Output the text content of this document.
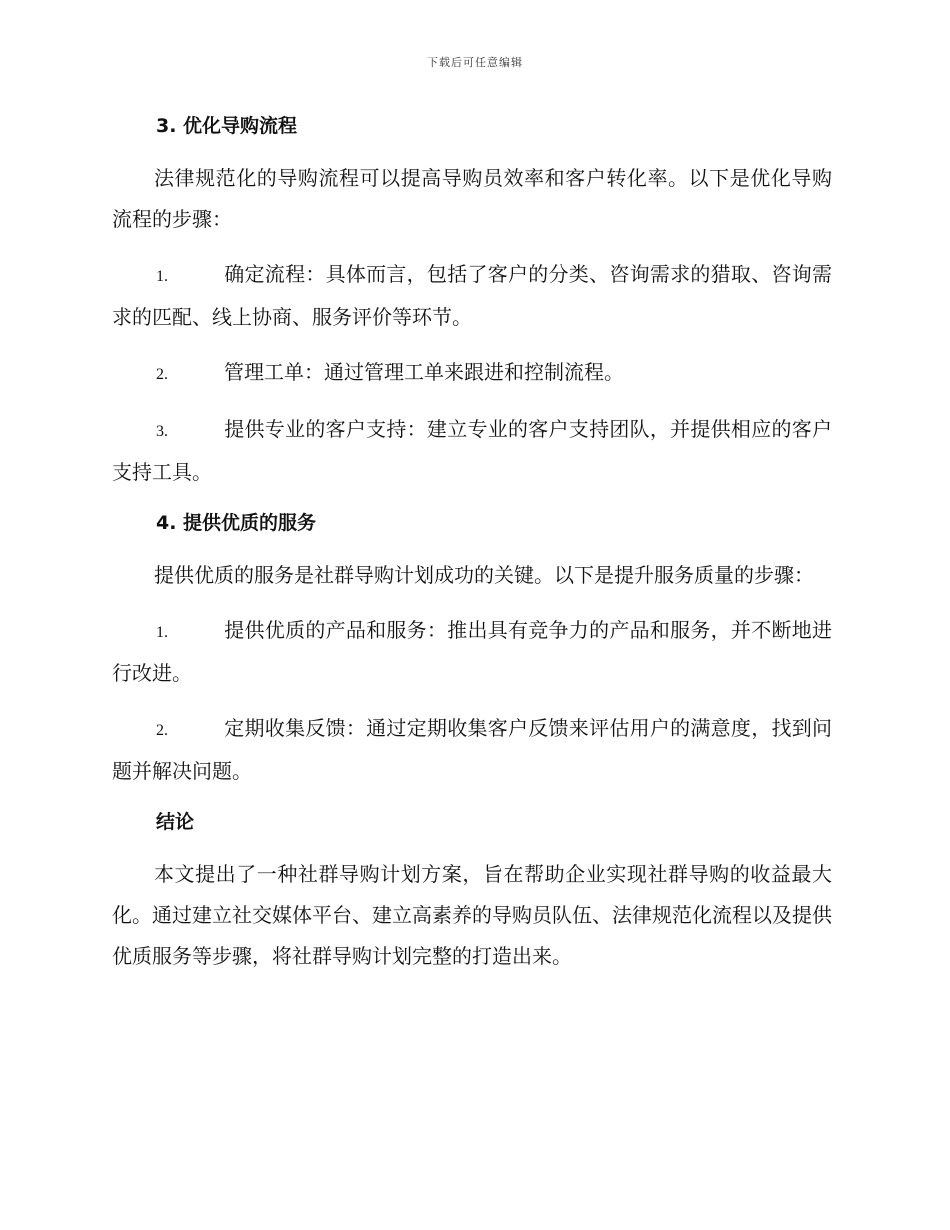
下载后可任意编辑
3. 优化导购流程

法律规范化的导购流程可以提高导购员效率和客户转化率。以下是优化导购流程的步骤：

1.	确定流程：具体而言，包括了客户的分类、咨询需求的猎取、咨询需求的匹配、线上协商、服务评价等环节。

2.	管理工单：通过管理工单来跟进和控制流程。

3.	提供专业的客户支持：建立专业的客户支持团队，并提供相应的客户支持工具。

4. 提供优质的服务

提供优质的服务是社群导购计划成功的关键。以下是提升服务质量的步骤：

1.	提供优质的产品和服务：推出具有竞争力的产品和服务，并不断地进行改进。

2.	定期收集反馈：通过定期收集客户反馈来评估用户的满意度，找到问题并解决问题。

结论

本文提出了一种社群导购计划方案，旨在帮助企业实现社群导购的收益最大化。通过建立社交媒体平台、建立高素养的导购员队伍、法律规范化流程以及提供优质服务等步骤，将社群导购计划完整的打造出来。
